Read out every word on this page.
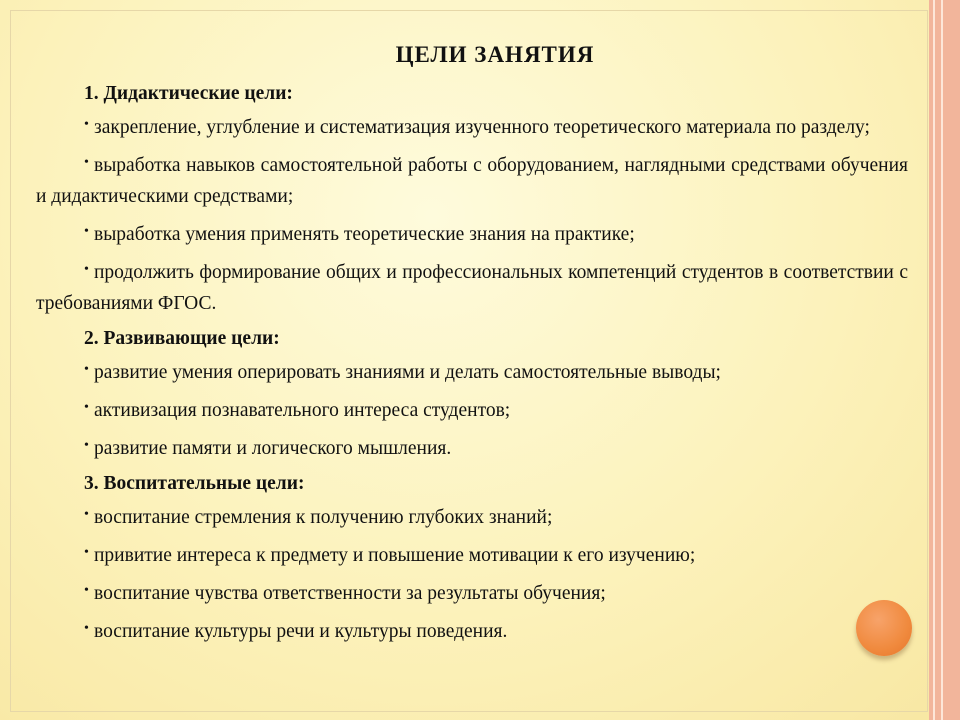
ЦЕЛИ ЗАНЯТИЯ

1. Дидактические цели:

• закрепление, углубление и систематизация изученного теоретического материала по разделу;

• выработка навыков самостоятельной работы с оборудованием, наглядными средствами обучения и дидактическими средствами;

• выработка умения применять теоретические знания на практике;

• продолжить формирование общих и профессиональных компетенций студентов в соответствии с требованиями ФГОС.

2. Развивающие цели:

• развитие умения оперировать знаниями и делать самостоятельные выводы;

• активизация познавательного интереса студентов;

• развитие памяти и логического мышления.

3. Воспитательные цели:

• воспитание стремления к получению глубоких знаний;

• привитие интереса к предмету и повышение мотивации к его изучению;

• воспитание чувства ответственности за результаты обучения;

• воспитание культуры речи и культуры поведения.
